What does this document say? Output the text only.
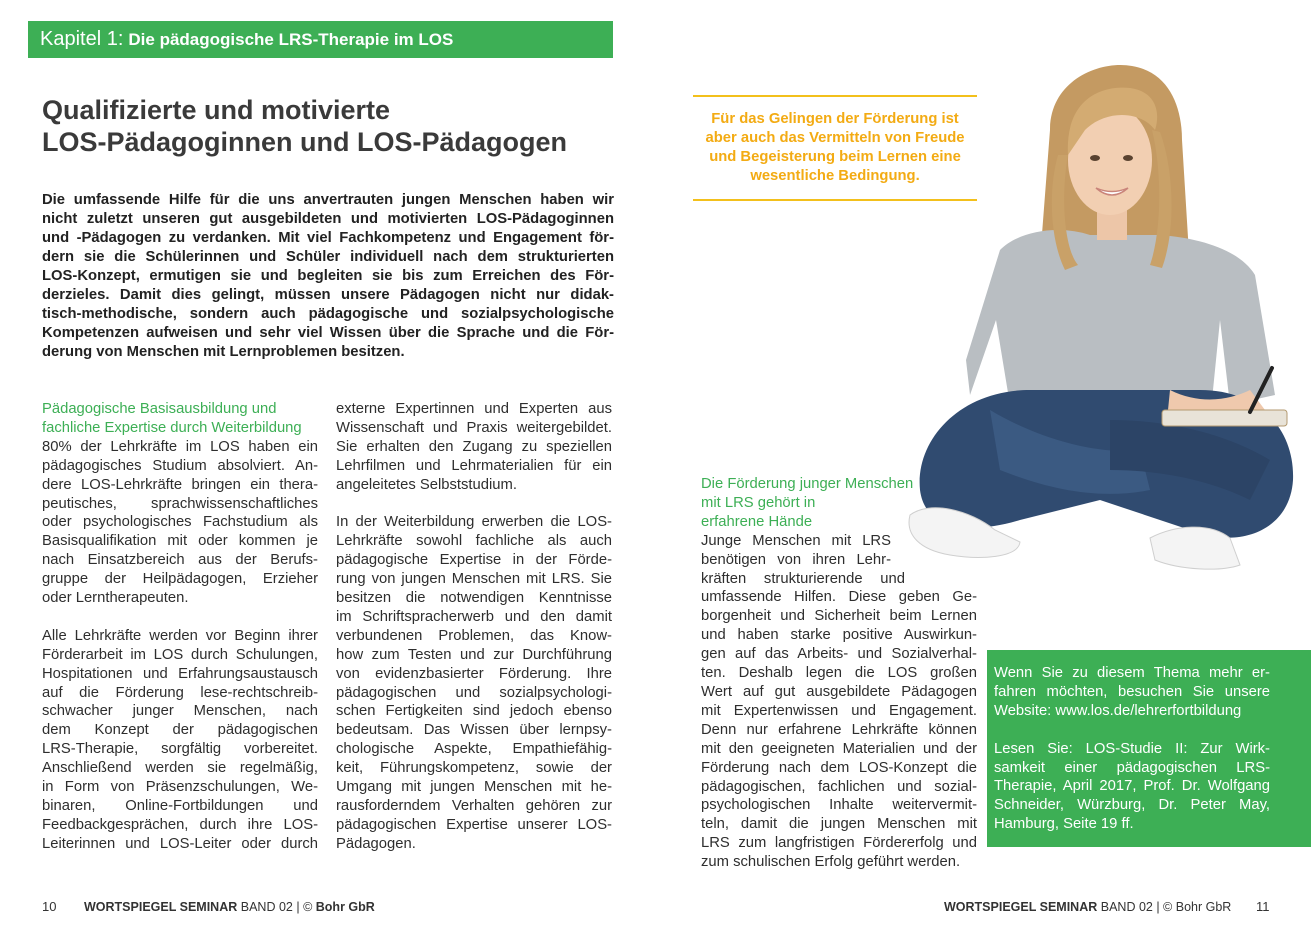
Kapitel 1: Die pädagogische LRS-Therapie im LOS
Qualifizierte und motivierte
LOS-Pädagoginnen und LOS-Pädagogen
Die umfassende Hilfe für die uns anvertrauten jungen Menschen haben wir
nicht zuletzt unseren gut ausgebildeten und motivierten LOS-Pädagoginnen
und -Pädagogen zu verdanken. Mit viel Fachkompetenz und Engagement för-
dern sie die Schülerinnen und Schüler individuell nach dem strukturierten
LOS-Konzept, ermutigen sie und begleiten sie bis zum Erreichen des För-
derzieles. Damit dies gelingt, müssen unsere Pädagogen nicht nur didak-
tisch-methodische, sondern auch pädagogische und sozialpsychologische
Kompetenzen aufweisen und sehr viel Wissen über die Sprache und die För-
derung von Menschen mit Lernproblemen besitzen.
Pädagogische Basisausbildung und
fachliche Expertise durch Weiterbildung
80% der Lehrkräfte im LOS haben ein
pädagogisches Studium absolviert. An-
dere LOS-Lehrkräfte bringen ein thera-
peutisches, sprachwissenschaftliches
oder psychologisches Fachstudium als
Basisqualifikation mit oder kommen je
nach Einsatzbereich aus der Berufs-
gruppe der Heilpädagogen, Erzieher
oder Lerntherapeuten.
Alle Lehrkräfte werden vor Beginn ihrer
Förderarbeit im LOS durch Schulungen,
Hospitationen und Erfahrungsaustausch
auf die Förderung lese-rechtschreib-
schwacher junger Menschen, nach
dem Konzept der pädagogischen
LRS-Therapie, sorgfältig vorbereitet.
Anschließend werden sie regelmäßig,
in Form von Präsenzschulungen, We-
binaren, Online-Fortbildungen und
Feedbackgesprächen, durch ihre LOS-
Leiterinnen und LOS-Leiter oder durch
externe Expertinnen und Experten aus
Wissenschaft und Praxis weitergebildet.
Sie erhalten den Zugang zu speziellen
Lehrfilmen und Lehrmaterialien für ein
angeleitetes Selbststudium.
In der Weiterbildung erwerben die LOS-
Lehrkräfte sowohl fachliche als auch
pädagogische Expertise in der Förde-
rung von jungen Menschen mit LRS. Sie
besitzen die notwendigen Kenntnisse
im Schriftspracherwerb und den damit
verbundenen Problemen, das Know-
how zum Testen und zur Durchführung
von evidenzbasierter Förderung. Ihre
pädagogischen und sozialpsychologi-
schen Fertigkeiten sind jedoch ebenso
bedeutsam. Das Wissen über lernpsy-
chologische Aspekte, Empathiefähig-
keit, Führungskompetenz, sowie der
Umgang mit jungen Menschen mit he-
rausforderndem Verhalten gehören zur
pädagogischen Expertise unserer LOS-
Pädagogen.
Für das Gelingen der Förderung ist
aber auch das Vermitteln von Freude
und Begeisterung beim Lernen eine
wesentliche Bedingung.
Die Förderung junger Menschen
mit LRS gehört in
erfahrene Hände
Junge Menschen mit LRS
benötigen von ihren Lehr-
kräften strukturierende und
umfassende Hilfen. Diese geben Ge-
borgenheit und Sicherheit beim Lernen
und haben starke positive Auswirkun-
gen auf das Arbeits- und Sozialverhal-
ten. Deshalb legen die LOS großen
Wert auf gut ausgebildete Pädagogen
mit Expertenwissen und Engagement.
Denn nur erfahrene Lehrkräfte können
mit den geeigneten Materialien und der
Förderung nach dem LOS-Konzept die
pädagogischen, fachlichen und sozial-
psychologischen Inhalte weitervermit-
teln, damit die jungen Menschen mit
LRS zum langfristigen Fördererfolg und
zum schulischen Erfolg geführt werden.
Wenn Sie zu diesem Thema mehr er-
fahren möchten, besuchen Sie unsere
Website: www.los.de/lehrerfortbildung
Lesen Sie: LOS-Studie II: Zur Wirk-
samkeit einer pädagogischen LRS-
Therapie, April 2017, Prof. Dr. Wolfgang
Schneider, Würzburg, Dr. Peter May,
Hamburg, Seite 19 ff.
10 WORTSPIEGEL SEMINAR BAND 02 | © Bohr GbR	WORTSPIEGEL SEMINAR BAND 02 | © Bohr GbR 11
